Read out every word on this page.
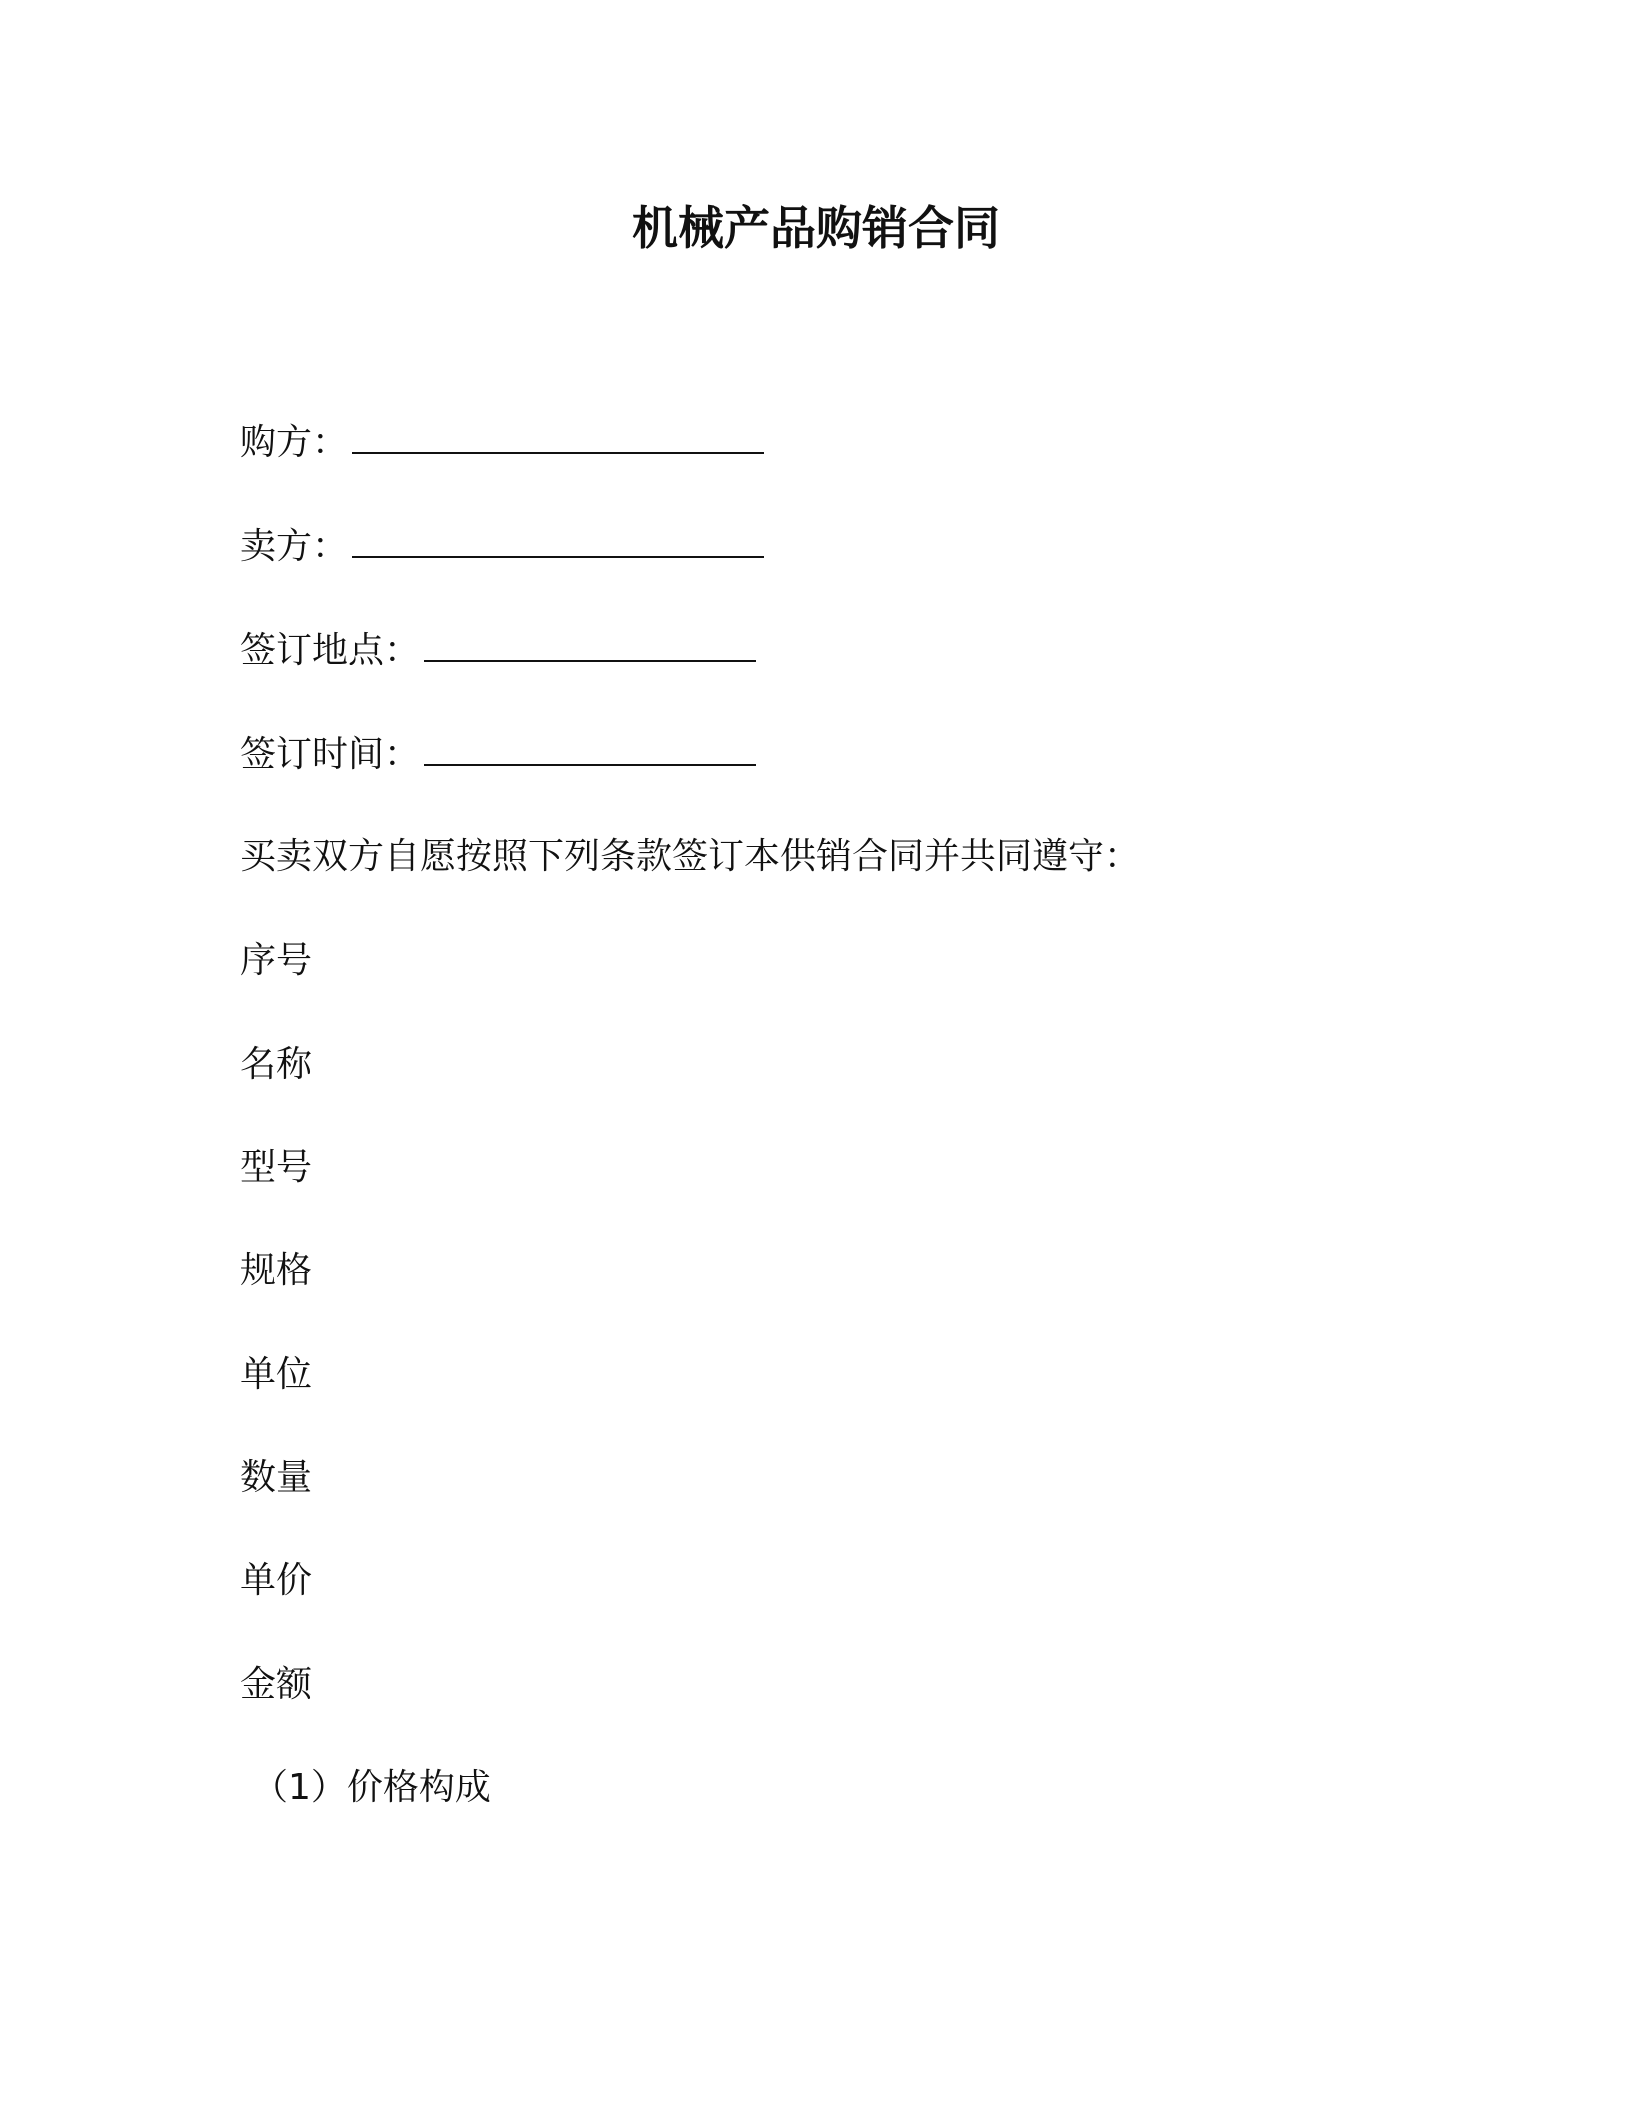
机械产品购销合同
购方：
卖方：
签订地点：
签订时间：
买卖双方自愿按照下列条款签订本供销合同并共同遵守：
序号
名称
型号
规格
单位
数量
单价
金额
（1）价格构成
